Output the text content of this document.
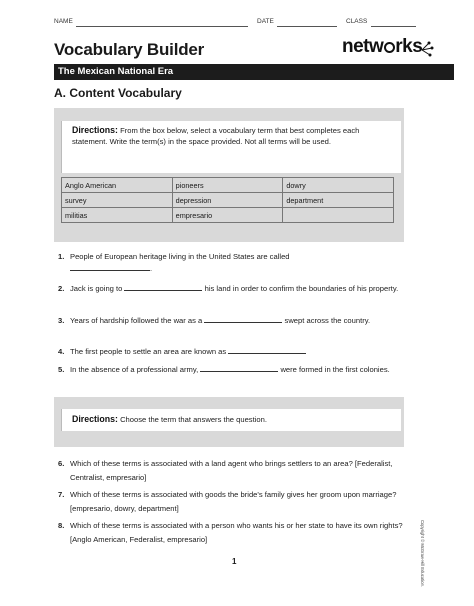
NAME	DATE	CLASS
Vocabulary Builder	netw rks
The Mexican National Era
A. Content Vocabulary

Directions: From the box below, select a vocabulary term that best completes each statement. Write the term(s) in the space provided. Not all terms will be used.

Anglo American	pioneers	dowry
survey	depression	department
militias	empresario	
1. People of European heritage living in the United States are called
.
2. Jack is going to	his land in order to confirm the boundaries of his property.
3. Years of hardship followed the war as a	swept across the country.
4. The first people to settle an area are known as
5. In the absence of a professional army,	were formed in the first colonies.

Directions: Choose the term that answers the question.

6. Which of these terms is associated with a land agent who brings settlers to an area? [Federalist, Centralist, empresario]
7. Which of these terms is associated with goods the bride's family gives her groom upon marriage? [empresario, dowry, department]
8. Which of these terms is associated with a person who wants his or her state to have its own rights? [Anglo American, Federalist, empresario]
1	Copyright © McGraw-Hill Education.
